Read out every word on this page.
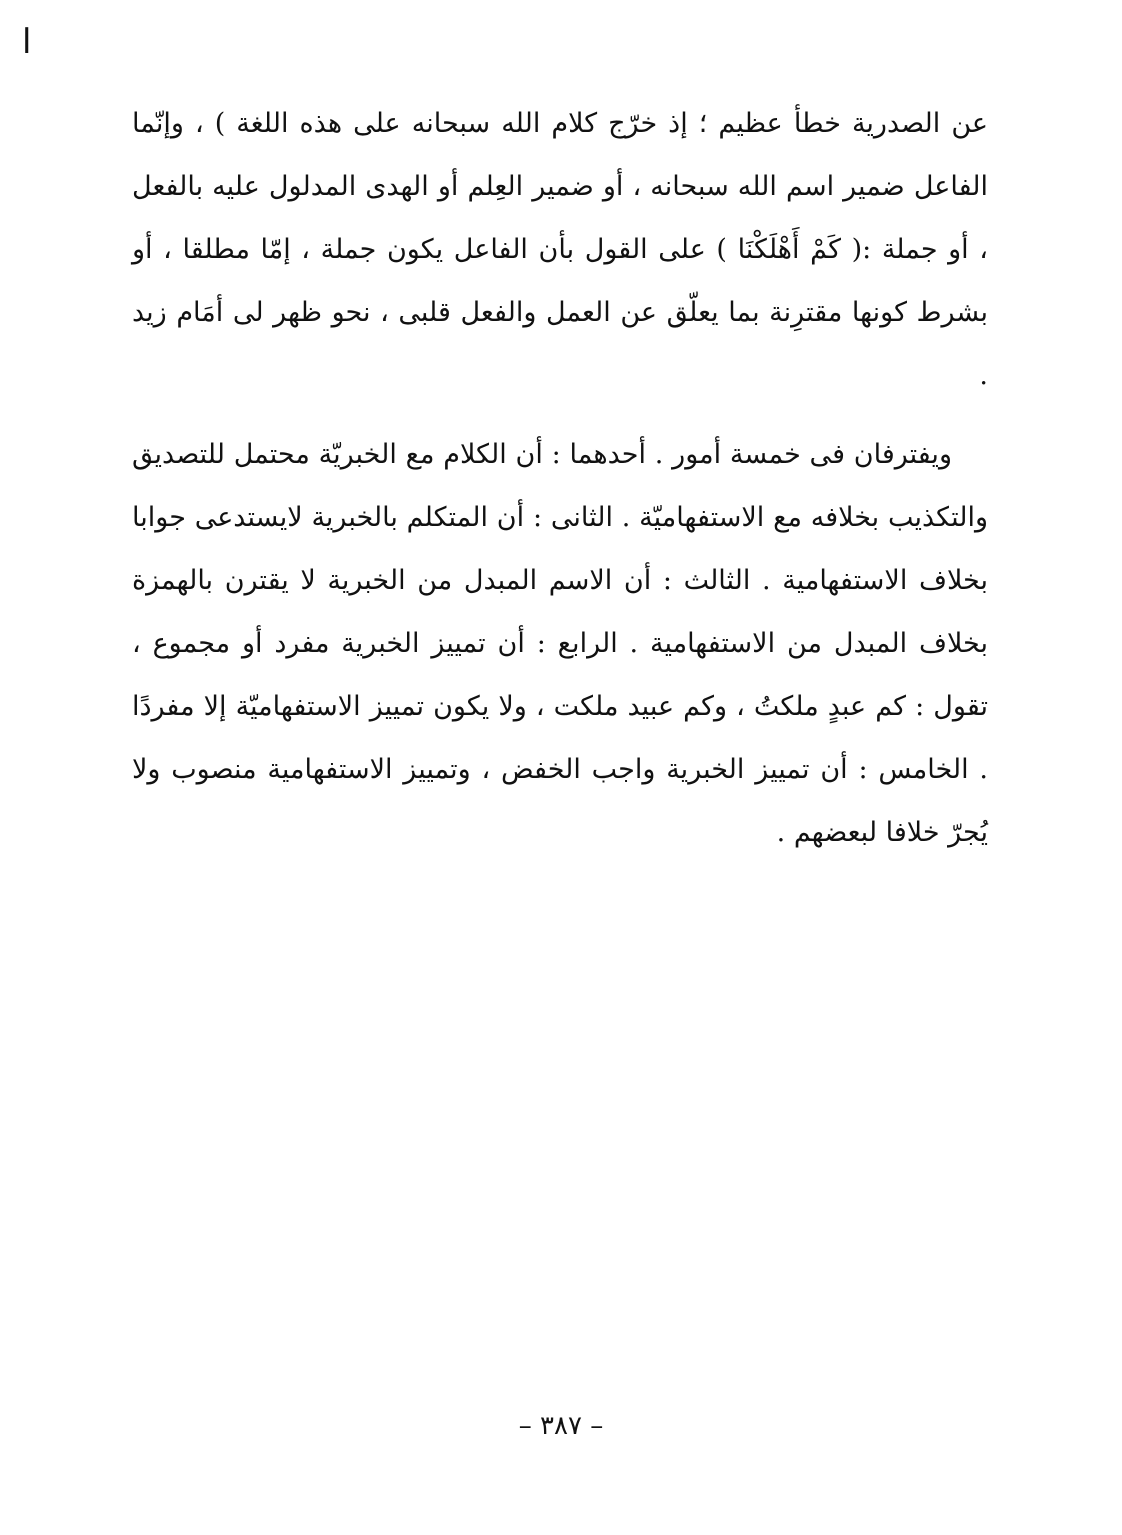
ا

عن الصدرية خطأ عظيم ؛ إذ خرّج كلام الله سبحانه على هذه اللغة ) ، وإنّما الفاعل ضمير اسم الله سبحانه ، أو ضمير العِلم أو الهدى المدلول عليه بالفعل ، أو جملة :( كَمْ أَهْلَكْنَا ) على القول بأن الفاعل يكون جملة ، إمّا مطلقا ، أو بشرط كونها مقترِنة بما يعلّق عن العمل والفعل قلبى ، نحو ظهر لى أمَام زيد .

ويفترفان فى خمسة أمور . أحدهما : أن الكلام مع الخبريّة محتمل للتصديق والتكذيب بخلافه مع الاستفهاميّة . الثانى : أن المتكلم بالخبرية لايستدعى جوابا بخلاف الاستفهامية . الثالث : أن الاسم المبدل من الخبرية لا يقترن بالهمزة بخلاف المبدل من الاستفهامية . الرابع : أن تمييز الخبرية مفرد أو مجموع ، تقول : كم عبدٍ ملكتُ ، وكم عبيد ملكت ، ولا يكون تمييز الاستفهاميّة إلا مفردًا . الخامس : أن تمييز الخبرية واجب الخفض ، وتمييز الاستفهامية منصوب ولا يُجرّ خلافا لبعضهم .

– ٣٨٧ –
